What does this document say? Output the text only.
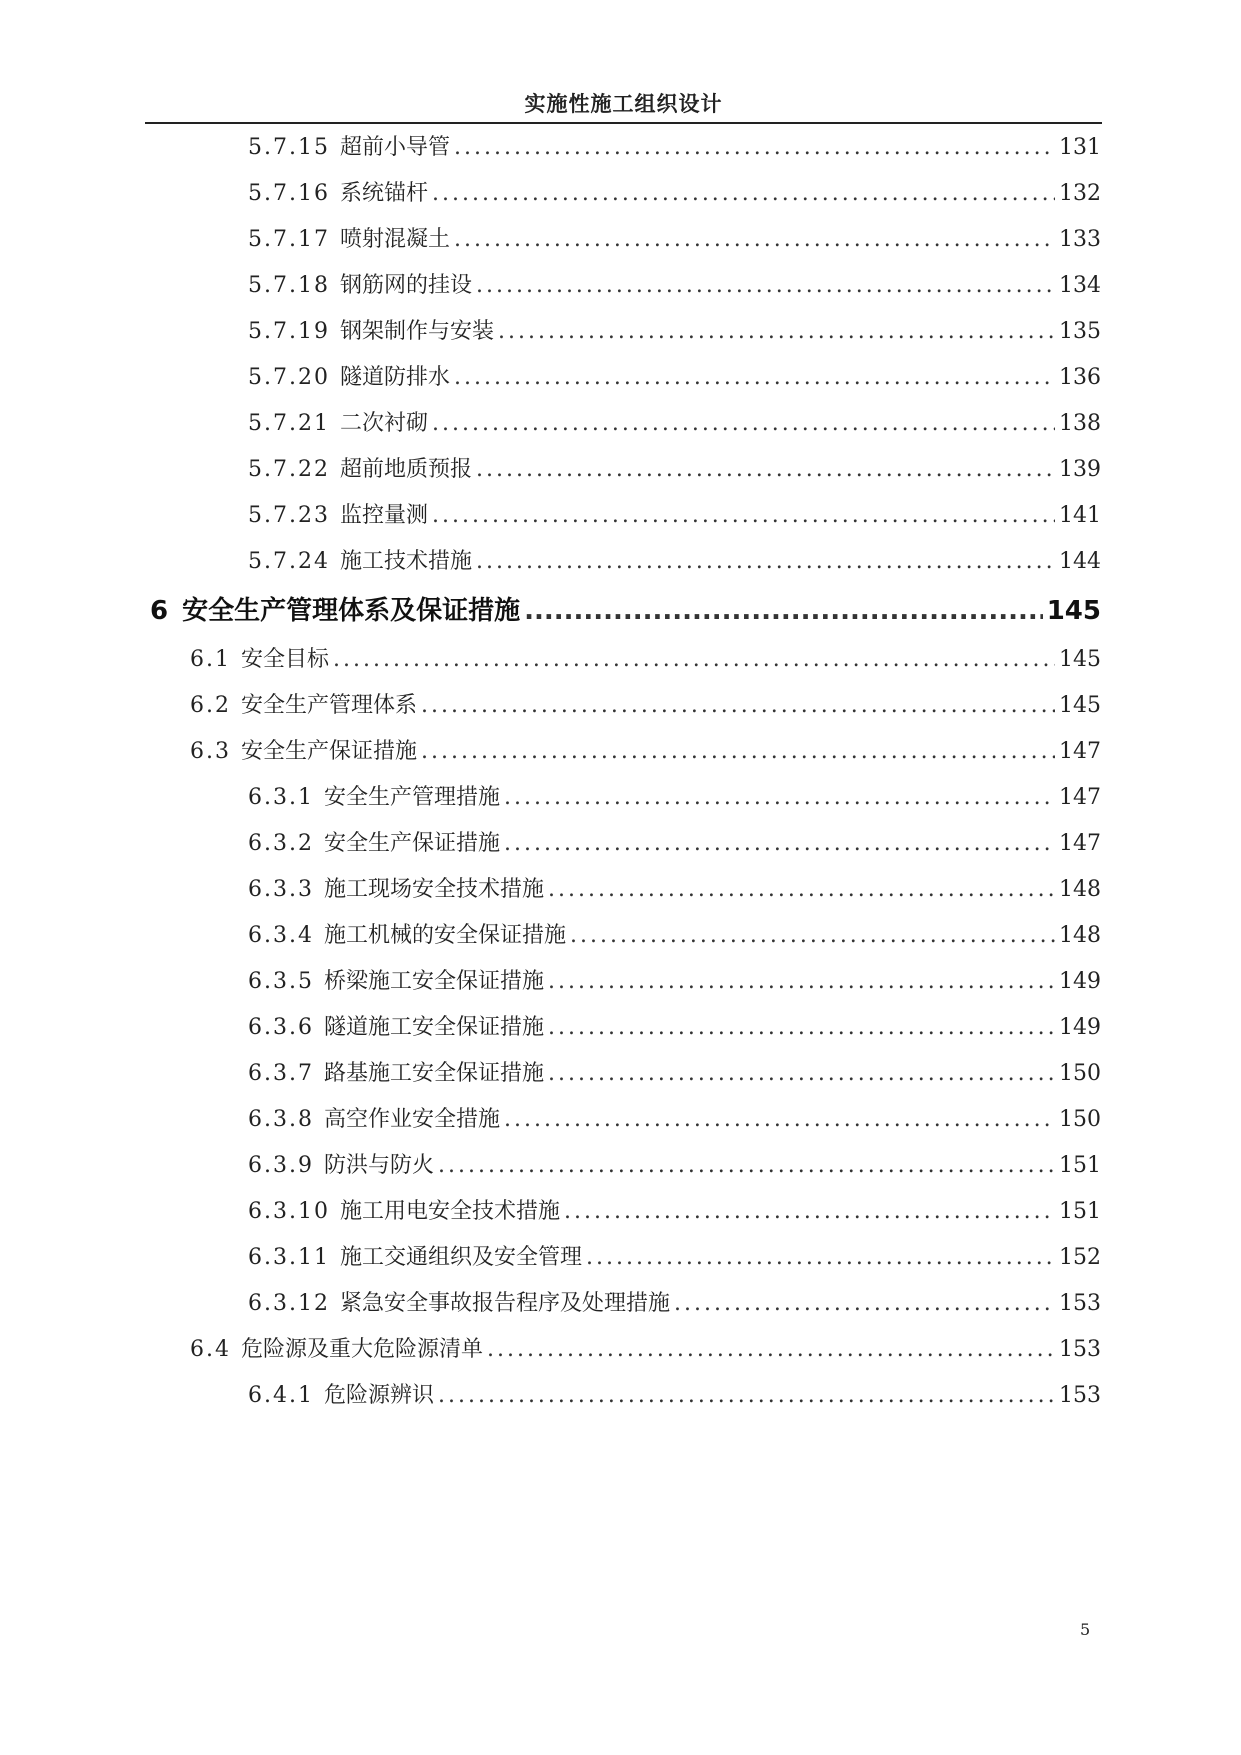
实施性施工组织设计
5.7.15 超前小导管 .....	131
5.7.16 系统锚杆 .....	132
5.7.17 喷射混凝土 .....	133
5.7.18 钢筋网的挂设 .....	134
5.7.19 钢架制作与安装 .....	135
5.7.20 隧道防排水 .....	136
5.7.21 二次衬砌 .....	138
5.7.22 超前地质预报 .....	139
5.7.23 监控量测 .....	141
5.7.24 施工技术措施 .....	144
6 安全生产管理体系及保证措施 .....	145
6.1 安全目标 .....	145
6.2 安全生产管理体系 .....	145
6.3 安全生产保证措施 .....	147
6.3.1 安全生产管理措施 .....	147
6.3.2 安全生产保证措施 .....	147
6.3.3 施工现场安全技术措施 .....	148
6.3.4 施工机械的安全保证措施 .....	148
6.3.5 桥梁施工安全保证措施 .....	149
6.3.6 隧道施工安全保证措施 .....	149
6.3.7 路基施工安全保证措施 .....	150
6.3.8 高空作业安全措施 .....	150
6.3.9 防洪与防火 .....	151
6.3.10 施工用电安全技术措施 .....	151
6.3.11 施工交通组织及安全管理 .....	152
6.3.12 紧急安全事故报告程序及处理措施 .....	153
6.4 危险源及重大危险源清单 .....	153
6.4.1 危险源辨识 .....	153
5
